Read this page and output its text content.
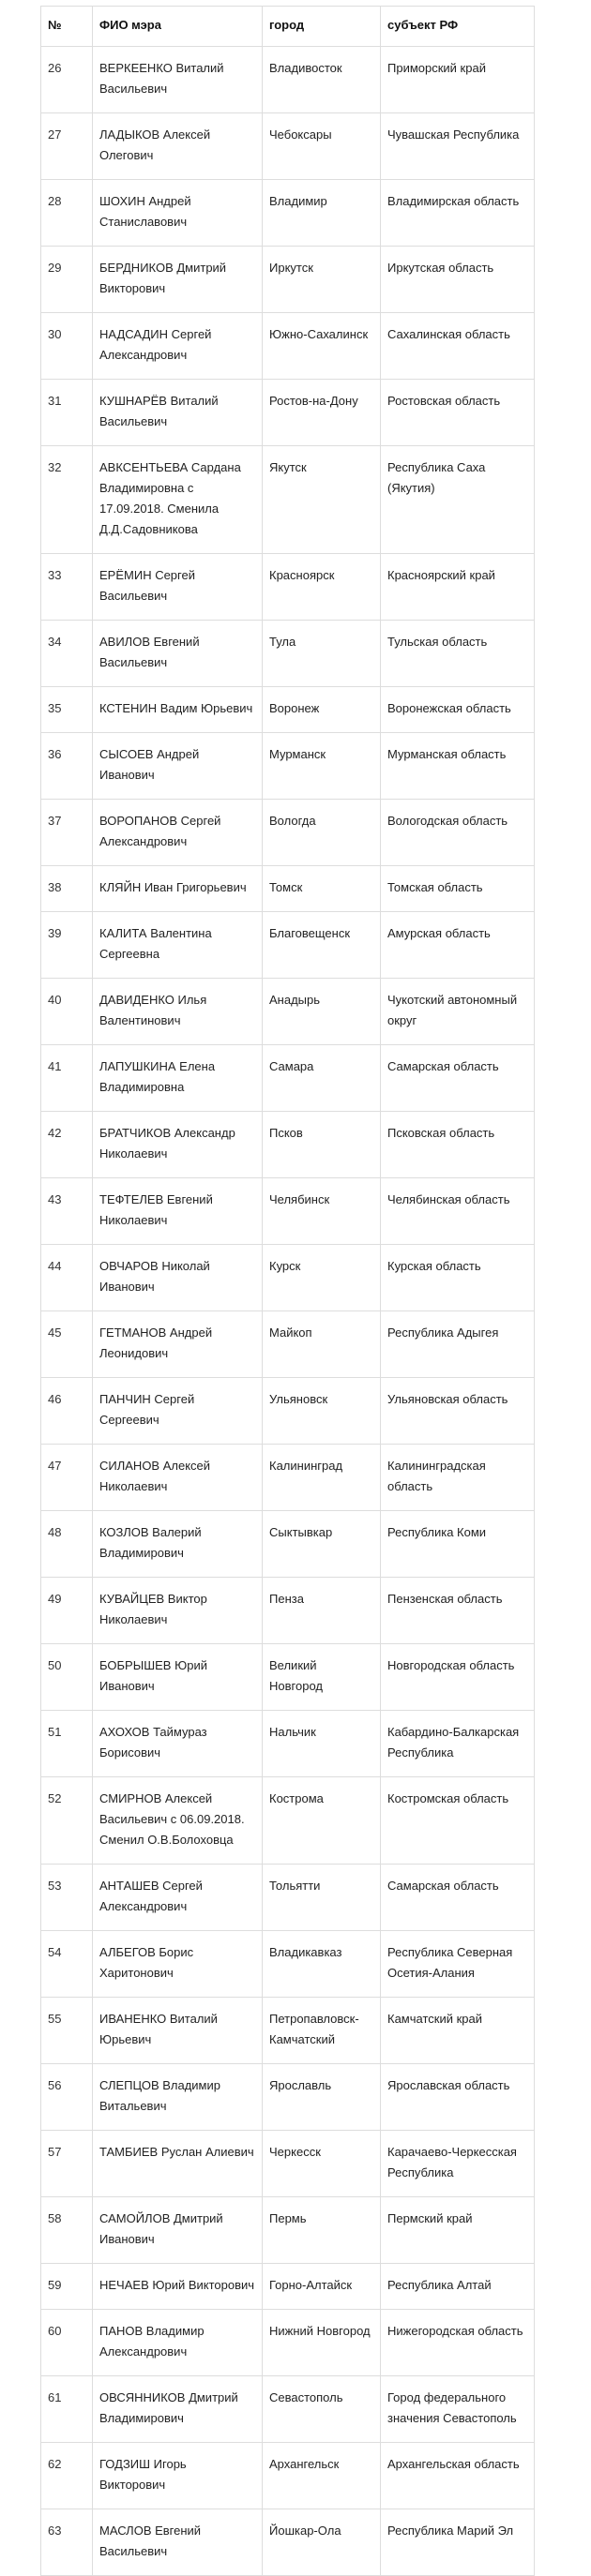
№	ФИО мэра	город	субъект РФ
26	ВЕРКЕЕНКО Виталий Васильевич	Владивосток	Приморский край
27	ЛАДЫКОВ Алексей Олегович	Чебоксары	Чувашская Республика
28	ШОХИН Андрей Станиславович	Владимир	Владимирская область
29	БЕРДНИКОВ Дмитрий Викторович	Иркутск	Иркутская область
30	НАДСАДИН Сергей Александрович	Южно-Сахалинск	Сахалинская область
31	КУШНАРЁВ Виталий Васильевич	Ростов-на-Дону	Ростовская область
32	АВКСЕНТЬЕВА Сардана Владимировна с 17.09.2018. Сменила Д.Д.Садовникова	Якутск	Республика Саха (Якутия)
33	ЕРЁМИН Сергей Васильевич	Красноярск	Красноярский край
34	АВИЛОВ Евгений Васильевич	Тула	Тульская область
35	КСТЕНИН Вадим Юрьевич	Воронеж	Воронежская область
36	СЫСОЕВ Андрей Иванович	Мурманск	Мурманская область
37	ВОРОПАНОВ Сергей Александрович	Вологда	Вологодская область
38	КЛЯЙН Иван Григорьевич	Томск	Томская область
39	КАЛИТА Валентина Сергеевна	Благовещенск	Амурская область
40	ДАВИДЕНКО Илья Валентинович	Анадырь	Чукотский автономный округ
41	ЛАПУШКИНА Елена Владимировна	Самара	Самарская область
42	БРАТЧИКОВ Александр Николаевич	Псков	Псковская область
43	ТЕФТЕЛЕВ Евгений Николаевич	Челябинск	Челябинская область
44	ОВЧАРОВ Николай Иванович	Курск	Курская область
45	ГЕТМАНОВ Андрей Леонидович	Майкоп	Республика Адыгея
46	ПАНЧИН Сергей Сергеевич	Ульяновск	Ульяновская область
47	СИЛАНОВ Алексей Николаевич	Калининград	Калининградская область
48	КОЗЛОВ Валерий Владимирович	Сыктывкар	Республика Коми
49	КУВАЙЦЕВ Виктор Николаевич	Пенза	Пензенская область
50	БОБРЫШЕВ Юрий Иванович	Великий Новгород	Новгородская область
51	АХОХОВ Таймураз Борисович	Нальчик	Кабардино-Балкарская Республика
52	СМИРНОВ Алексей Васильевич с 06.09.2018. Сменил О.В.Болоховца	Кострома	Костромская область
53	АНТАШЕВ Сергей Александрович	Тольятти	Самарская область
54	АЛБЕГОВ Борис Харитонович	Владикавказ	Республика Северная Осетия-Алания
55	ИВАНЕНКО Виталий Юрьевич	Петропавловск-Камчатский	Камчатский край
56	СЛЕПЦОВ Владимир Витальевич	Ярославль	Ярославская область
57	ТАМБИЕВ Руслан Алиевич	Черкесск	Карачаево-Черкесская Республика
58	САМОЙЛОВ Дмитрий Иванович	Пермь	Пермский край
59	НЕЧАЕВ Юрий Викторович	Горно-Алтайск	Республика Алтай
60	ПАНОВ Владимир Александрович	Нижний Новгород	Нижегородская область
61	ОВСЯННИКОВ Дмитрий Владимирович	Севастополь	Город федерального значения Севастополь
62	ГОДЗИШ Игорь Викторович	Архангельск	Архангельская область
63	МАСЛОВ Евгений Васильевич	Йошкар-Ола	Республика Марий Эл
